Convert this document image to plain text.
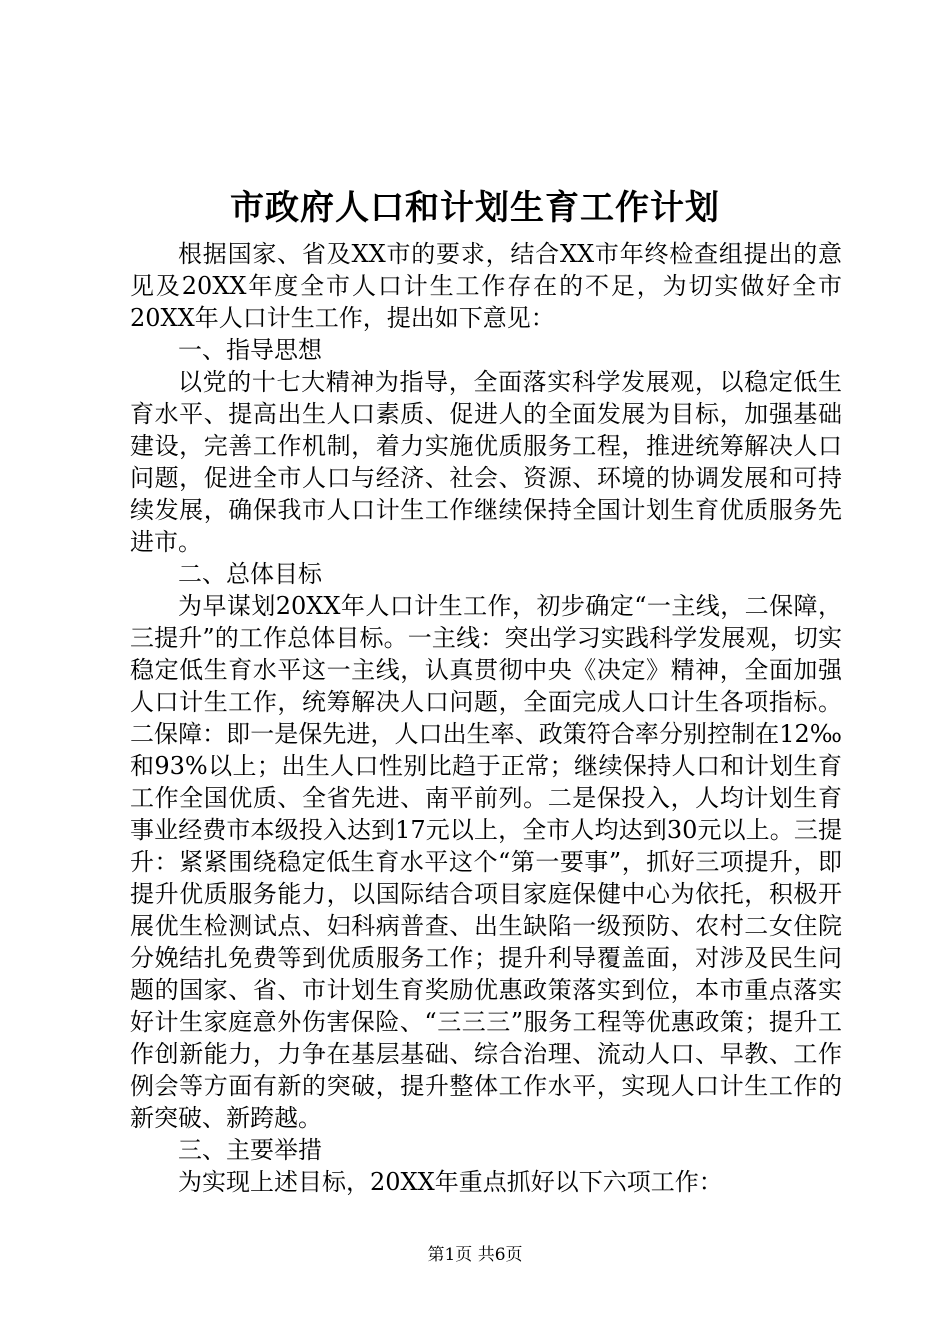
市政府人口和计划生育工作计划

根据国家、省及XX市的要求，结合XX市年终检查组提出的意见及20XX年度全市人口计生工作存在的不足，为切实做好全市20XX年人口计生工作，提出如下意见：

一、指导思想

以党的十七大精神为指导，全面落实科学发展观，以稳定低生育水平、提高出生人口素质、促进人的全面发展为目标，加强基础建设，完善工作机制，着力实施优质服务工程，推进统筹解决人口问题，促进全市人口与经济、社会、资源、环境的协调发展和可持续发展，确保我市人口计生工作继续保持全国计划生育优质服务先进市。

二、总体目标

为早谋划20XX年人口计生工作，初步确定“一主线，二保障，三提升”的工作总体目标。一主线：突出学习实践科学发展观，切实稳定低生育水平这一主线，认真贯彻中央《决定》精神，全面加强人口计生工作，统筹解决人口问题，全面完成人口计生各项指标。二保障：即一是保先进，人口出生率、政策符合率分别控制在12‰和93%以上；出生人口性别比趋于正常；继续保持人口和计划生育工作全国优质、全省先进、南平前列。二是保投入，人均计划生育事业经费市本级投入达到17元以上，全市人均达到30元以上。三提升：紧紧围绕稳定低生育水平这个“第一要事”，抓好三项提升，即提升优质服务能力，以国际结合项目家庭保健中心为依托，积极开展优生检测试点、妇科病普查、出生缺陷一级预防、农村二女住院分娩结扎免费等到优质服务工作；提升利导覆盖面，对涉及民生问题的国家、省、市计划生育奖励优惠政策落实到位，本市重点落实好计生家庭意外伤害保险、“三三三”服务工程等优惠政策；提升工作创新能力，力争在基层基础、综合治理、流动人口、早教、工作例会等方面有新的突破，提升整体工作水平，实现人口计生工作的新突破、新跨越。

三、主要举措

为实现上述目标，20XX年重点抓好以下六项工作：

第1页 共6页
